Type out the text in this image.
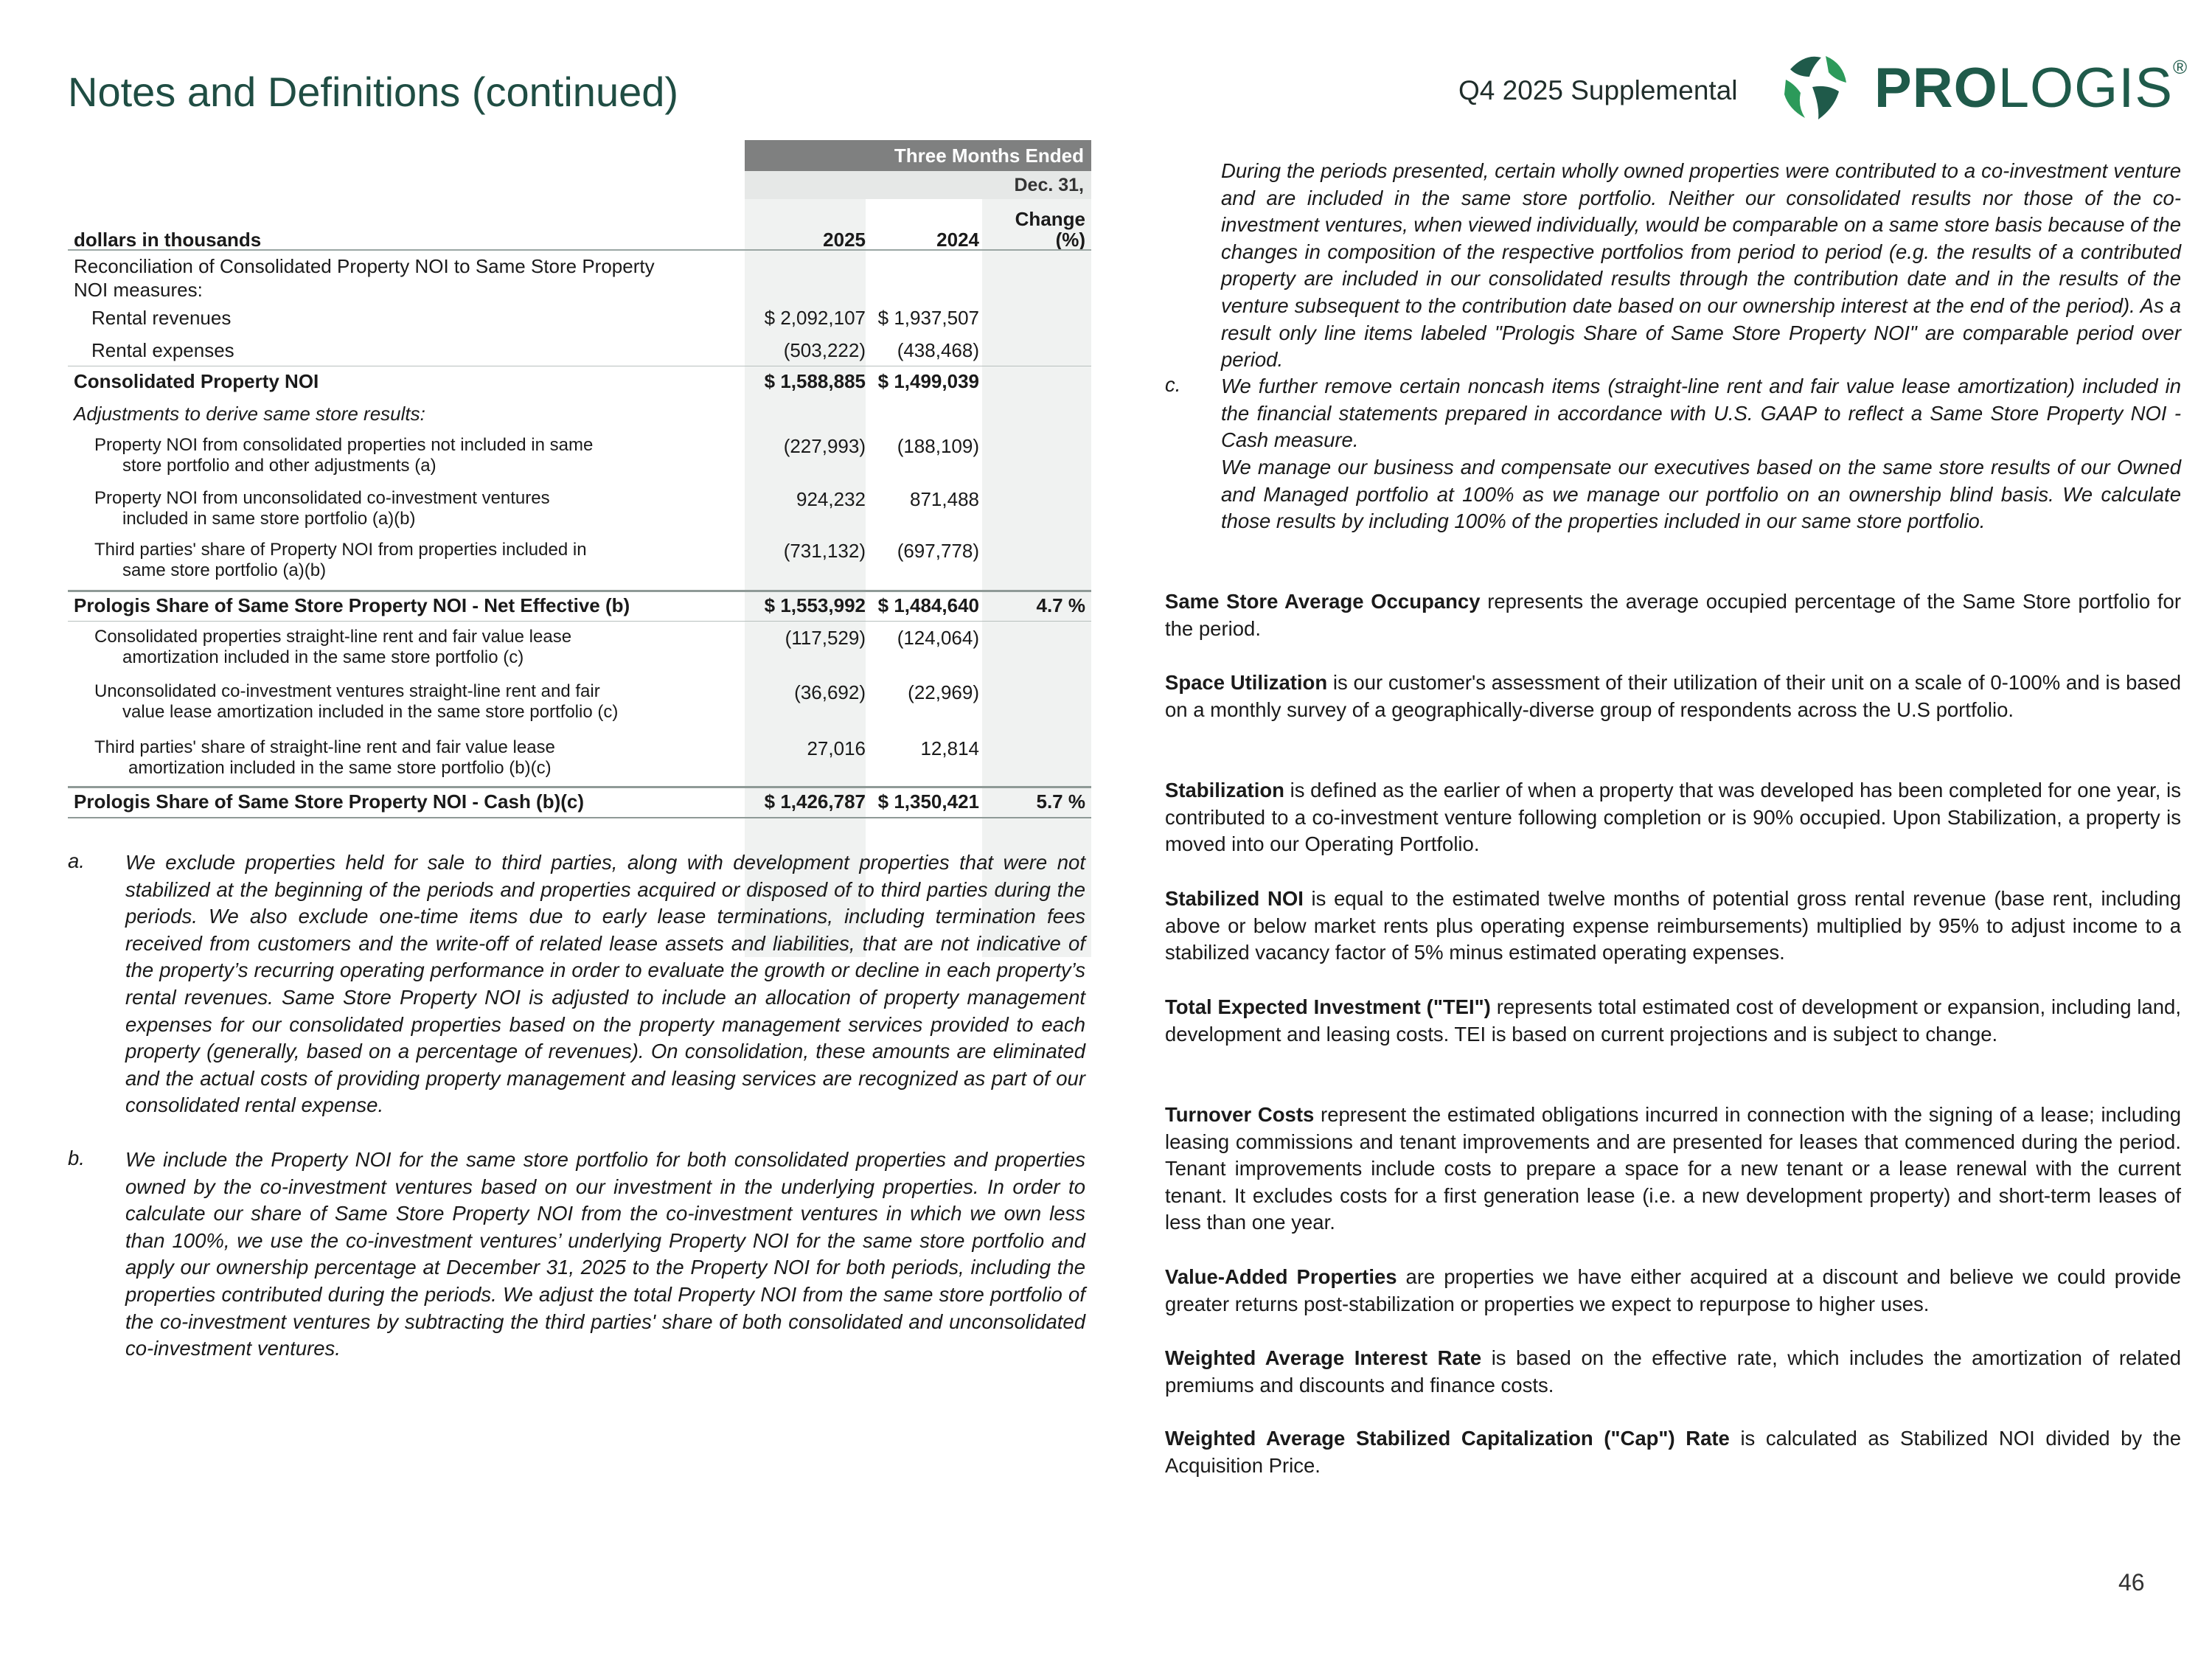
Notes and Definitions (continued)	Q4 2025 Supplemental PROLOGIS®
Three Months Ended
Dec. 31,
dollars in thousands	2025	2024
Change
(%)
Reconciliation of Consolidated Property NOI to Same Store Property
NOI measures:
Rental revenues	$ 2,092,107 $ 1,937,507
Rental expenses	(503,222)	(438,468)
Consolidated Property NOI	$ 1,588,885 $ 1,499,039
Adjustments to derive same store results:
Property NOI from consolidated properties not included in same
store portfolio and other adjustments (a)
(227,993)	(188,109)
Property NOI from unconsolidated co-investment ventures
included in same store portfolio (a)(b)
924,232	871,488
Third parties' share of Property NOI from properties included in
same store portfolio (a)(b)
(731,132)	(697,778)
Prologis Share of Same Store Property NOI - Net Effective (b)	$ 1,553,992 $ 1,484,640	4.7 %
Consolidated properties straight-line rent and fair value lease
amortization included in the same store portfolio (c)
(117,529)	(124,064)
Unconsolidated co-investment ventures straight-line rent and fair
value lease amortization included in the same store portfolio (c)
(36,692)	(22,969)
Third parties' share of straight-line rent and fair value lease
amortization included in the same store portfolio (b)(c)
27,016	12,814
Prologis Share of Same Store Property NOI - Cash (b)(c)	$ 1,426,787 $ 1,350,421	5.7 %
a. We exclude properties held for sale to third parties, along with development properties that were not stabilized at the beginning of the periods and properties acquired or disposed of to third parties during the periods. We also exclude one-time items due to early lease terminations, including termination fees received from customers and the write-off of related lease assets and liabilities, that are not indicative of the property’s recurring operating performance in order to evaluate the growth or decline in each property’s rental revenues. Same Store Property NOI is adjusted to include an allocation of property management expenses for our consolidated properties based on the property management services provided to each property (generally, based on a percentage of revenues). On consolidation, these amounts are eliminated and the actual costs of providing property management and leasing services are recognized as part of our consolidated rental expense.
b. We include the Property NOI for the same store portfolio for both consolidated properties and properties owned by the co-investment ventures based on our investment in the underlying properties. In order to calculate our share of Same Store Property NOI from the co-investment ventures in which we own less than 100%, we use the co-investment ventures’ underlying Property NOI for the same store portfolio and apply our ownership percentage at December 31, 2025 to the Property NOI for both periods, including the properties contributed during the periods. We adjust the total Property NOI from the same store portfolio of the co-investment ventures by subtracting the third parties' share of both consolidated and unconsolidated co-investment ventures.
During the periods presented, certain wholly owned properties were contributed to a co-investment venture and are included in the same store portfolio. Neither our consolidated results nor those of the co-investment ventures, when viewed individually, would be comparable on a same store basis because of the changes in composition of the respective portfolios from period to period (e.g. the results of a contributed property are included in our consolidated results through the contribution date and in the results of the venture subsequent to the contribution date based on our ownership interest at the end of the period). As a result only line items labeled "Prologis Share of Same Store Property NOI" are comparable period over period.
c. We further remove certain noncash items (straight-line rent and fair value lease amortization) included in the financial statements prepared in accordance with U.S. GAAP to reflect a Same Store Property NOI - Cash measure.
We manage our business and compensate our executives based on the same store results of our Owned and Managed portfolio at 100% as we manage our portfolio on an ownership blind basis. We calculate those results by including 100% of the properties included in our same store portfolio.
Same Store Average Occupancy represents the average occupied percentage of the Same Store portfolio for the period.
Space Utilization is our customer's assessment of their utilization of their unit on a scale of 0-100% and is based on a monthly survey of a geographically-diverse group of respondents across the U.S portfolio.
Stabilization is defined as the earlier of when a property that was developed has been completed for one year, is contributed to a co-investment venture following completion or is 90% occupied. Upon Stabilization, a property is moved into our Operating Portfolio.
Stabilized NOI is equal to the estimated twelve months of potential gross rental revenue (base rent, including above or below market rents plus operating expense reimbursements) multiplied by 95% to adjust income to a stabilized vacancy factor of 5% minus estimated operating expenses.
Total Expected Investment ("TEI") represents total estimated cost of development or expansion, including land, development and leasing costs. TEI is based on current projections and is subject to change.
Turnover Costs represent the estimated obligations incurred in connection with the signing of a lease; including leasing commissions and tenant improvements and are presented for leases that commenced during the period. Tenant improvements include costs to prepare a space for a new tenant or a lease renewal with the current tenant. It excludes costs for a first generation lease (i.e. a new development property) and short-term leases of less than one year.
Value-Added Properties are properties we have either acquired at a discount and believe we could provide greater returns post-stabilization or properties we expect to repurpose to higher uses.
Weighted Average Interest Rate is based on the effective rate, which includes the amortization of related premiums and discounts and finance costs.
Weighted Average Stabilized Capitalization ("Cap") Rate is calculated as Stabilized NOI divided by the Acquisition Price.
46
